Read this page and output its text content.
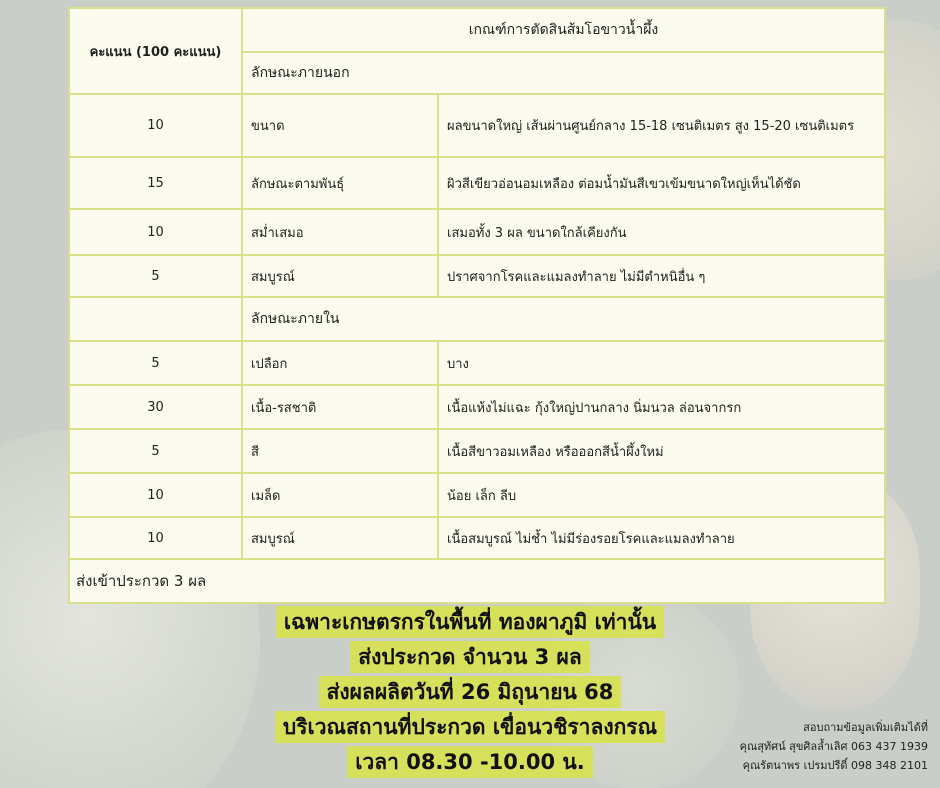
คะแนน (100 คะแนน)	เกณฑ์การตัดสินส้มโอขาวน้ำผึ้ง	
	ลักษณะภายนอก	
10	ขนาด	ผลขนาดใหญ่ เส้นผ่านศูนย์กลาง 15-18 เซนติเมตร สูง 15-20 เซนติเมตร
15	ลักษณะตามพันธุ์	ผิวสีเขียวอ่อนอมเหลือง ต่อมน้ำมันสีเขวเข้มขนาดใหญ่เห็นได้ชัด
10	สม่ำเสมอ	เสมอทั้ง 3 ผล ขนาดใกล้เคียงกัน
5	สมบูรณ์	ปราศจากโรคและแมลงทำลาย ไม่มีตำหนิอื่น ๆ
	ลักษณะภายใน	
5	เปลือก	บาง
30	เนื้อ-รสชาติ	เนื้อแห้งไม่แฉะ กุ้งใหญ่ปานกลาง นิ่มนวล ล่อนจากรก
5	สี	เนื้อสีขาวอมเหลือง หรือออกสีน้ำผึ้งใหม่
10	เมล็ด	น้อย เล็ก ลีบ
10	สมบูรณ์	เนื้อสมบูรณ์ ไม่ช้ำ ไม่มีร่องรอยโรคและแมลงทำลาย
ส่งเข้าประกวด 3 ผล		
เฉพาะเกษตรกรในพื้นที่ ทองผาภูมิ เท่านั้น
ส่งประกวด จำนวน 3 ผล
ส่งผลผลิตวันที่ 26 มิถุนายน 68
บริเวณสถานที่ประกวด เขื่อนวชิราลงกรณ
เวลา 08.30 -10.00 น.
สอบถามข้อมูลเพิ่มเติมได้ที่
คุณสุทัศน์ สุขศิลล้ำเลิศ 063 437 1939
คุณรัตนาพร เปรมปรีดิ์ 098 348 2101
